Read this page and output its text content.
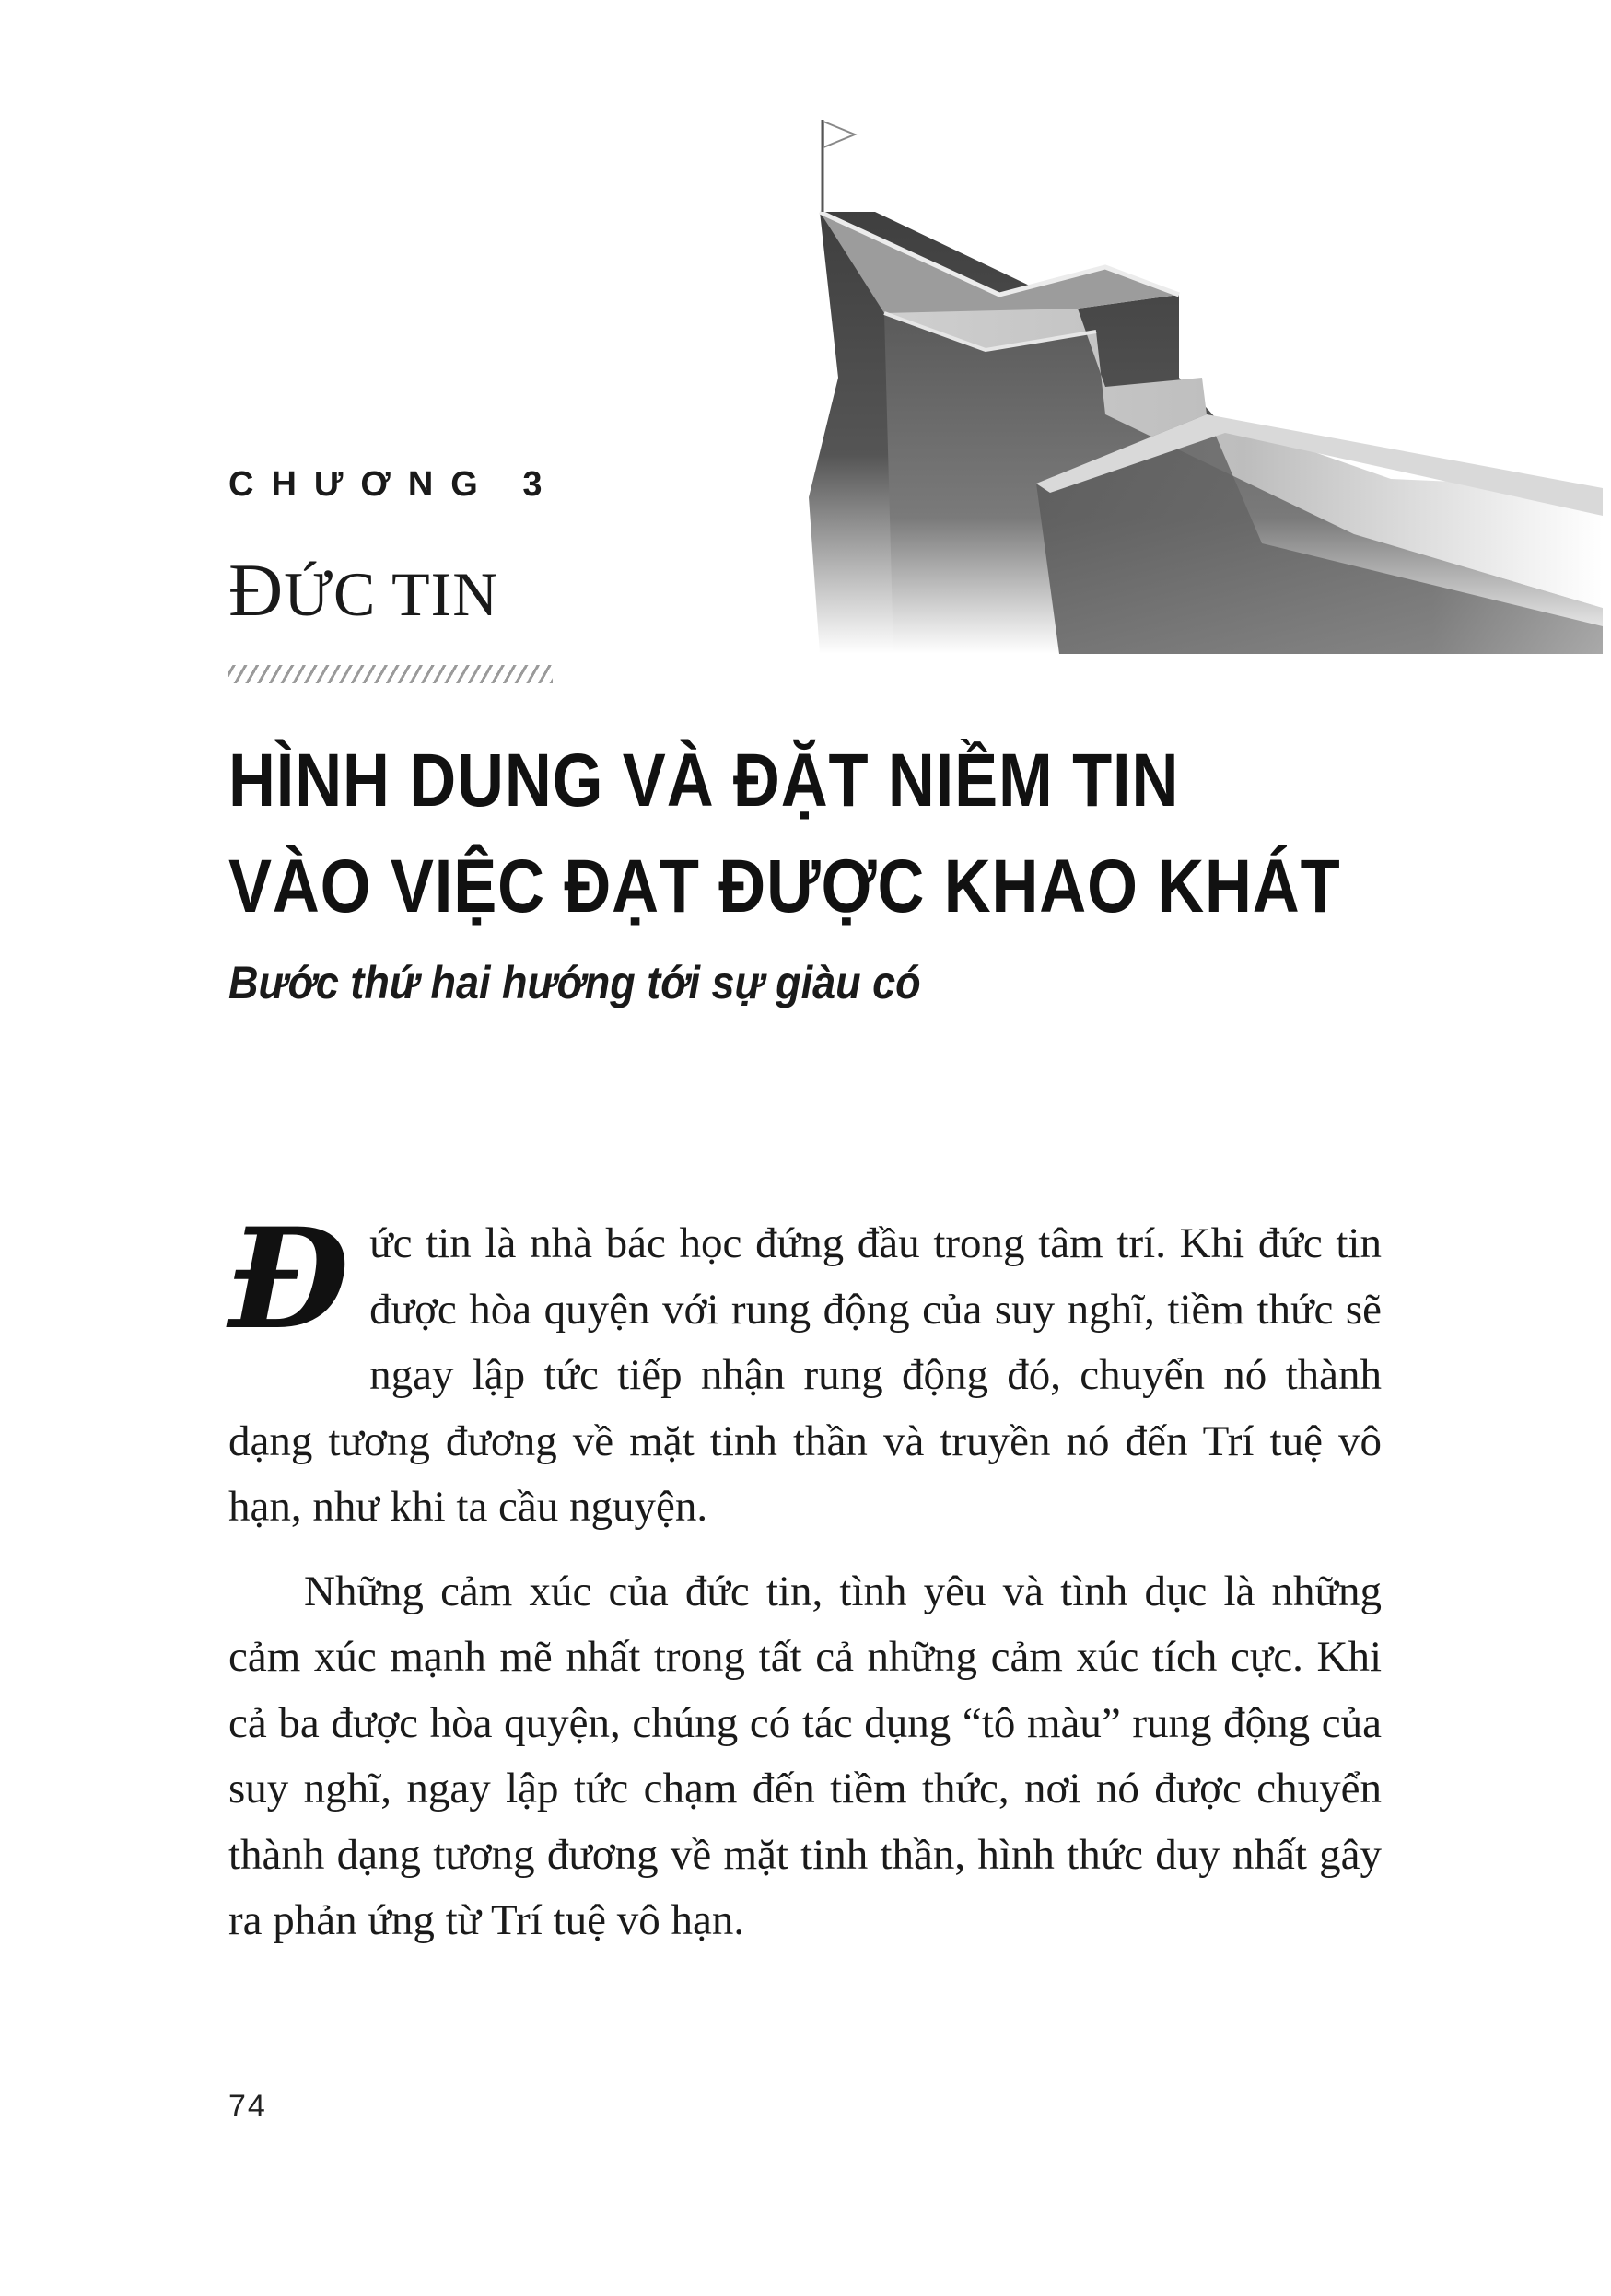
CHƯƠNG 3
ĐỨC TIN
HÌNH DUNG VÀ ĐẶT NIỀM TIN
VÀO VIỆC ĐẠT ĐƯỢC KHAO KHÁT
Bước thứ hai hướng tới sự giàu có

Đức tin là nhà bác học đứng đầu trong tâm trí. Khi đức tin được hòa quyện với rung động của suy nghĩ, tiềm thức sẽ ngay lập tức tiếp nhận rung động đó, chuyển nó thành dạng tương đương về mặt tinh thần và truyền nó đến Trí tuệ vô hạn, như khi ta cầu nguyện.

Những cảm xúc của đức tin, tình yêu và tình dục là những cảm xúc mạnh mẽ nhất trong tất cả những cảm xúc tích cực. Khi cả ba được hòa quyện, chúng có tác dụng “tô màu” rung động của suy nghĩ, ngay lập tức chạm đến tiềm thức, nơi nó được chuyển thành dạng tương đương về mặt tinh thần, hình thức duy nhất gây ra phản ứng từ Trí tuệ vô hạn.

74
